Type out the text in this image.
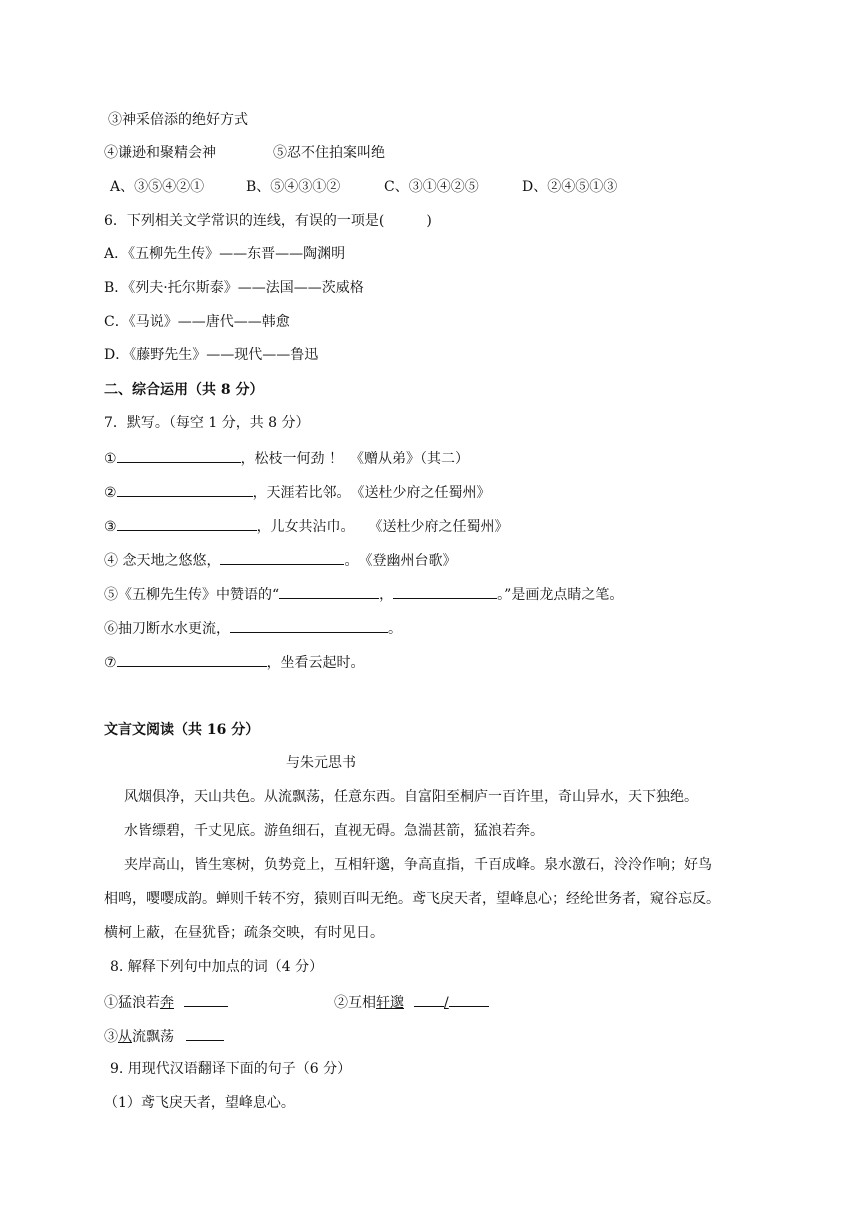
③神采倍添的绝好方式
④谦逊和聚精会神	⑤忍不住拍案叫绝
A、③⑤④②①	B、⑤④③①②	C、③①④②⑤	D、②④⑤①③
6．下列相关文学常识的连线，有误的一项是(　　　)
A．《五柳先生传》——东晋——陶渊明
B．《列夫·托尔斯泰》——法国——茨威格
C．《马说》——唐代——韩愈
D．《藤野先生》——现代——鲁迅
二、综合运用（共 8 分）
7．默写。（每空 1 分，共 8 分）
①	，松枝一何劲 ！　《赠从弟》（其二）
②	，天涯若比邻。　《送杜少府之任蜀州》
③	，儿女共沾巾。　　《送杜少府之任蜀州》
④ 念天地之悠悠，	。　《登幽州台歌》
⑤《五柳先生传》中赞语的“	，	。”是画龙点睛之笔。
⑥抽刀断水水更流，	。
⑦	，坐看云起时。
文言文阅读（共 16 分）
与朱元思书
风烟俱净，天山共色。从流飘荡，任意东西。自富阳至桐庐一百许里，奇山异水，天下独绝。
水皆缥碧，千丈见底。游鱼细石，直视无碍。急湍甚箭，猛浪若奔。
夹岸高山，皆生寒树，负势竞上，互相轩邈，争高直指，千百成峰。泉水激石，泠泠作响；好鸟
相鸣，嘤嘤成韵。蝉则千转不穷，猿则百叫无绝。鸢飞戾天者，望峰息心；经纶世务者，窥谷忘反。
横柯上蔽，在昼犹昏；疏条交映，有时见日。
8. 解释下列句中加点的词（4 分）
①猛浪若奔	②互相轩邈	/
③从流飘荡
9. 用现代汉语翻译下面的句子（6 分）
（1）鸢飞戾天者，望峰息心。
